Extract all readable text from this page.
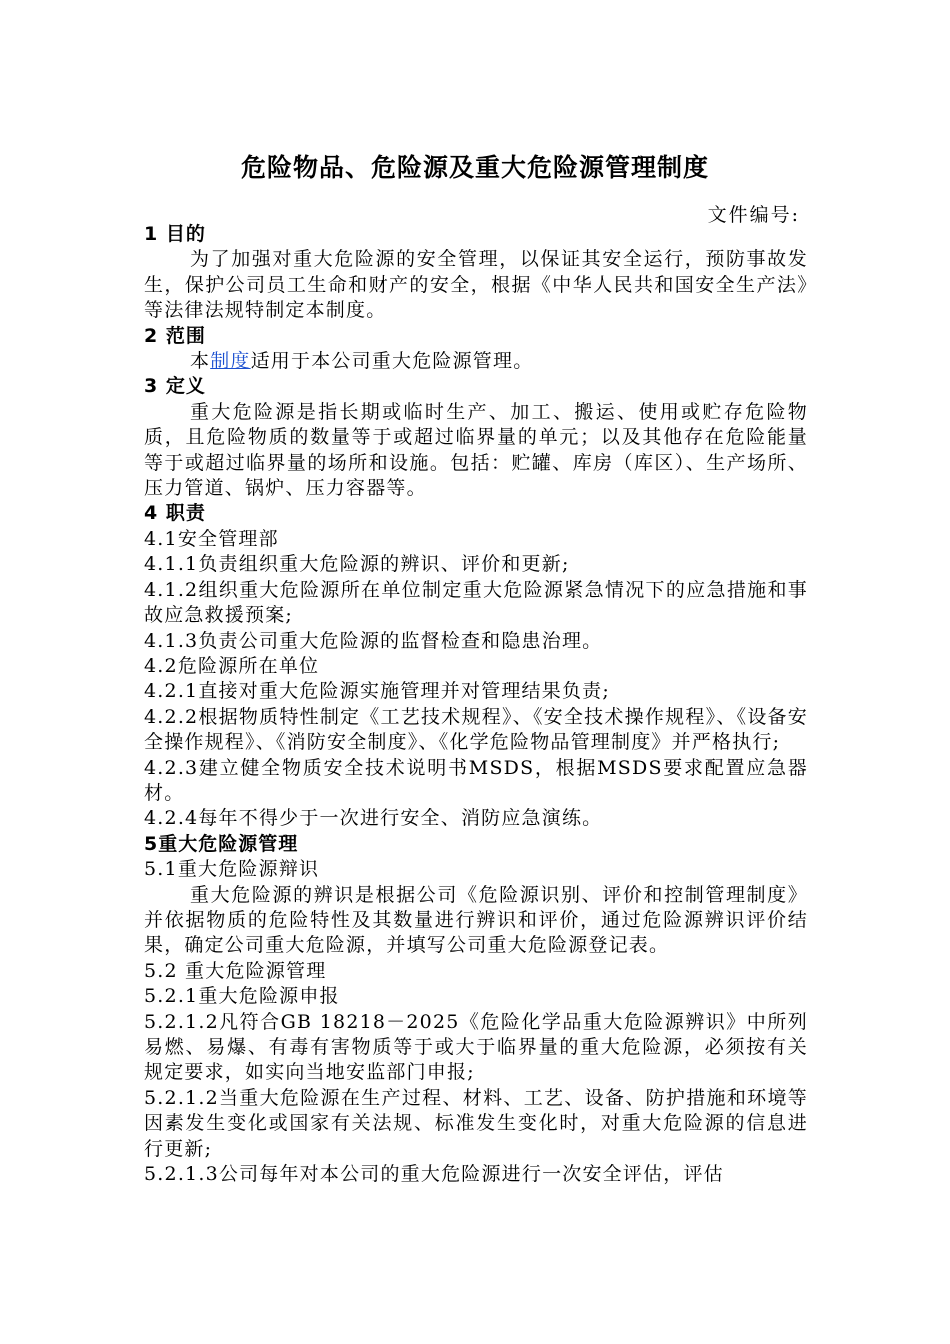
危险物品、危险源及重大危险源管理制度
文件编号:

1 目的

为了加强对重大危险源的安全管理，以保证其安全运行，预防事故发生，保护公司员工生命和财产的安全，根据《中华人民共和国安全生产法》等法律法规特制定本制度。

2 范围

本制度适用于本公司重大危险源管理。

3 定义

重大危险源是指长期或临时生产、加工、搬运、使用或贮存危险物质，且危险物质的数量等于或超过临界量的单元；以及其他存在危险能量等于或超过临界量的场所和设施。包括：贮罐、库房（库区）、生产场所、压力管道、锅炉、压力容器等。

4 职责

4.1安全管理部

4.1.1负责组织重大危险源的辨识、评价和更新;

4.1.2组织重大危险源所在单位制定重大危险源紧急情况下的应急措施和事故应急救援预案;

4.1.3负责公司重大危险源的监督检查和隐患治理。

4.2危险源所在单位

4.2.1直接对重大危险源实施管理并对管理结果负责;

4.2.2根据物质特性制定《工艺技术规程》、《安全技术操作规程》、《设备安全操作规程》、《消防安全制度》、《化学危险物品管理制度》并严格执行;

4.2.3建立健全物质安全技术说明书MSDS，根据MSDS要求配置应急器材。

4.2.4每年不得少于一次进行安全、消防应急演练。

5重大危险源管理

5.1重大危险源辩识

重大危险源的辨识是根据公司《危险源识别、评价和控制管理制度》并依据物质的危险特性及其数量进行辨识和评价，通过危险源辨识评价结果，确定公司重大危险源，并填写公司重大危险源登记表。

5.2 重大危险源管理

5.2.1重大危险源申报

5.2.1.2凡符合GB 18218－2025《危险化学品重大危险源辨识》中所列易燃、易爆、有毒有害物质等于或大于临界量的重大危险源，必须按有关规定要求，如实向当地安监部门申报;

5.2.1.2当重大危险源在生产过程、材料、工艺、设备、防护措施和环境等因素发生变化或国家有关法规、标准发生变化时，对重大危险源的信息进行更新;

5.2.1.3公司每年对本公司的重大危险源进行一次安全评估，评估
